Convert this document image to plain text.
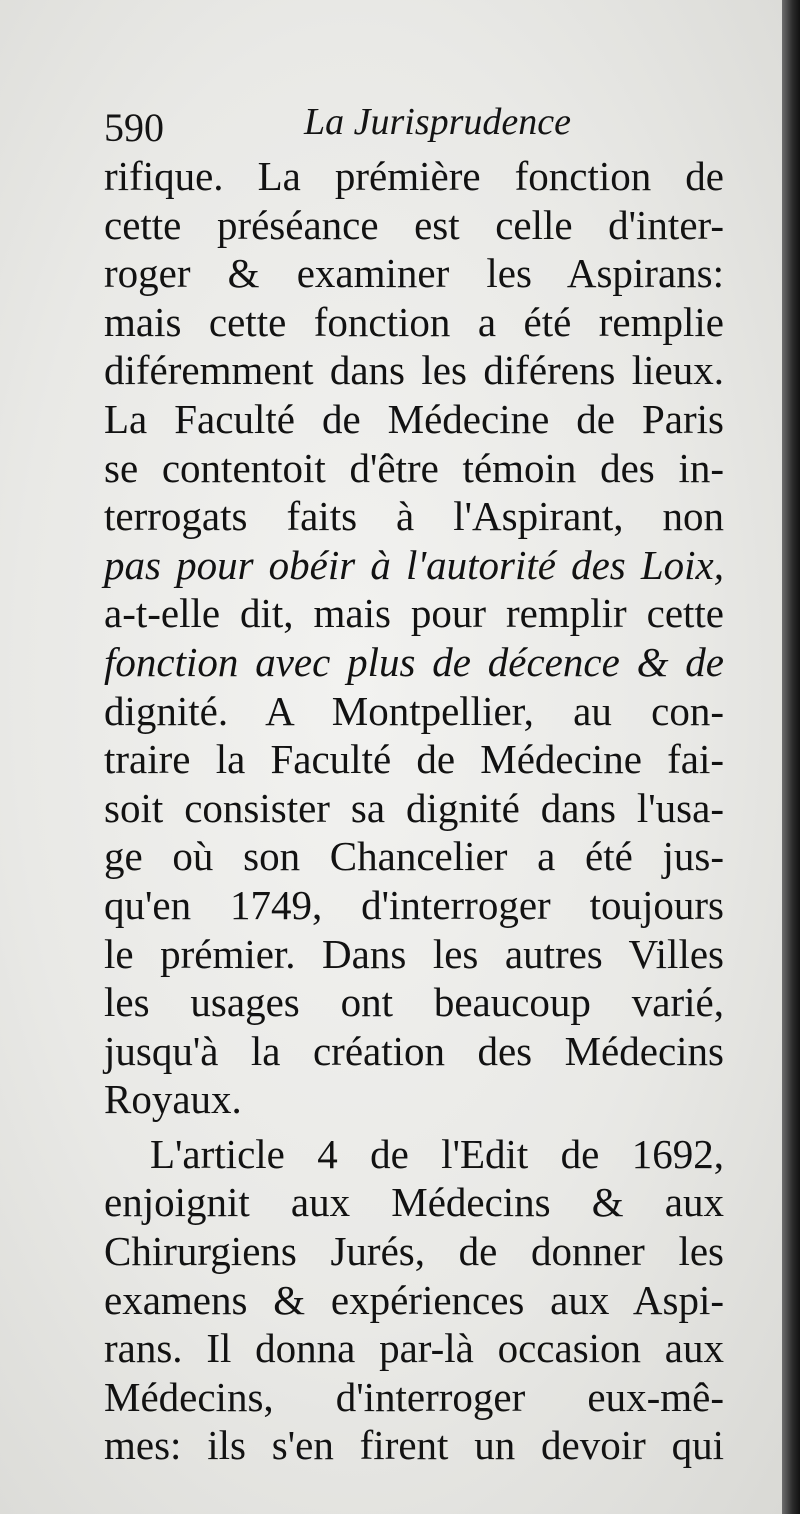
590	La Jurisprudence
rifique. La prémière fonction de
cette préséance est celle d'inter-
roger & examiner les Aspirans:
mais cette fonction a été remplie
diféremment dans les diférens lieux.
La Faculté de Médecine de Paris
se contentoit d'être témoin des in-
terrogats faits à l'Aspirant, non
pas pour obéir à l'autorité des Loix,
a-t-elle dit, mais pour remplir cette
fonction avec plus de décence & de
dignité. A Montpellier, au con-
traire la Faculté de Médecine fai-
soit consister sa dignité dans l'usa-
ge où son Chancelier a été jus-
qu'en 1749, d'interroger toujours
le prémier. Dans les autres Villes
les usages ont beaucoup varié,
jusqu'à la création des Médecins
Royaux.
L'article 4 de l'Edit de 1692,
enjoignit aux Médecins & aux
Chirurgiens Jurés, de donner les
examens & expériences aux Aspi-
rans. Il donna par-là occasion aux
Médecins, d'interroger eux-mê-
mes: ils s'en firent un devoir qui
